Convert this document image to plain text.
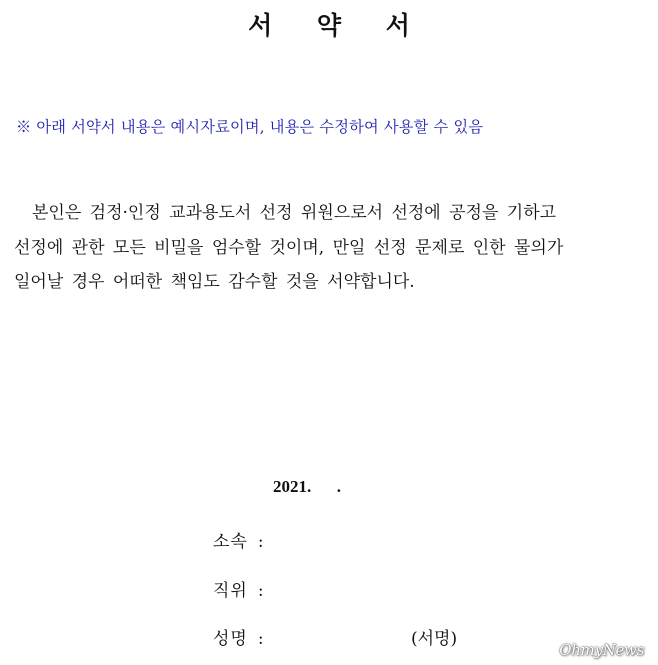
서 약 서
※ 아래 서약서 내용은 예시자료이며, 내용은 수정하여 사용할 수 있음
본인은 검정·인정 교과용도서 선정 위원으로서 선정에 공정을 기하고
선정에 관한 모든 비밀을 엄수할 것이며, 만일 선정 문제로 인한 물의가
일어날 경우 어떠한 책임도 감수할 것을 서약합니다.
2021.      .
소속 :
직위 :
성명 :	(서명)
OhmyNews
